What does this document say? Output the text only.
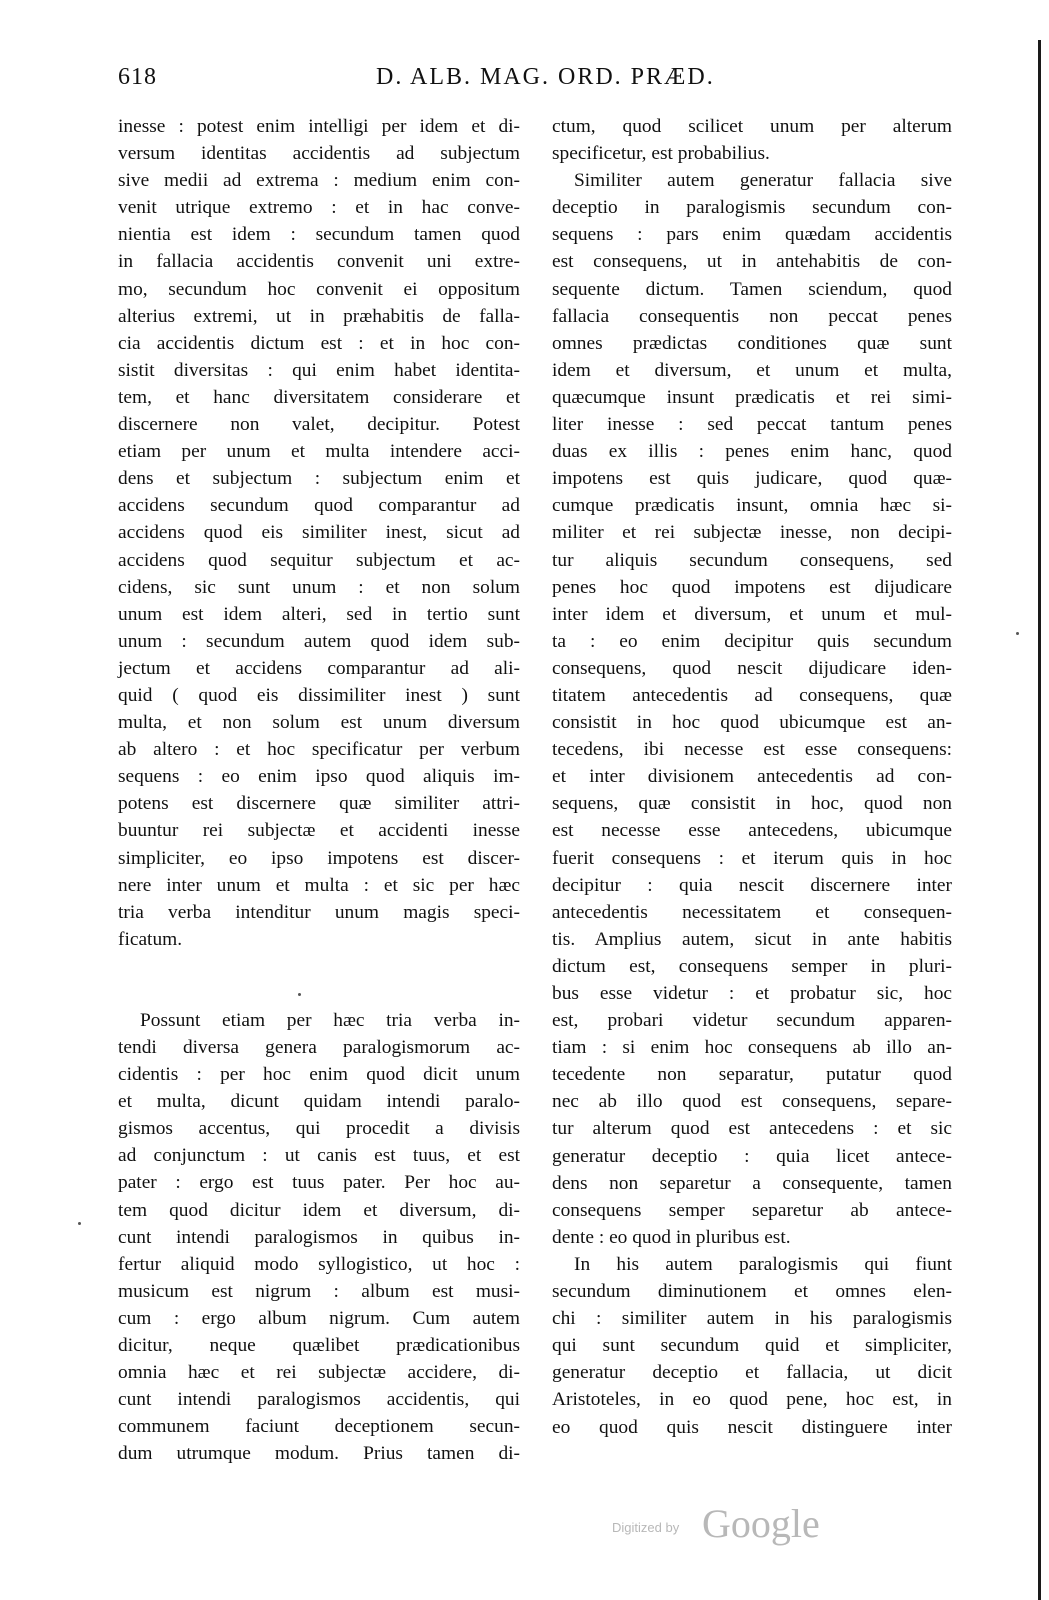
618	D. ALB. MAG. ORD. PRÆD.
inesse : potest enim intelligi per idem et di-
versum identitas accidentis ad subjectum
sive medii ad extrema : medium enim con-
venit utrique extremo : et in hac conve-
nientia est idem : secundum tamen quod
in fallacia accidentis convenit uni extre-
mo, secundum hoc convenit ei oppositum
alterius extremi, ut in præhabitis de falla-
cia accidentis dictum est : et in hoc con-
sistit diversitas : qui enim habet identita-
tem, et hanc diversitatem considerare et
discernere non valet, decipitur. Potest
etiam per unum et multa intendere acci-
dens et subjectum : subjectum enim et
accidens secundum quod comparantur ad
accidens quod eis similiter inest, sicut ad
accidens quod sequitur subjectum et ac-
cidens, sic sunt unum : et non solum
unum est idem alteri, sed in tertio sunt
unum : secundum autem quod idem sub-
jectum et accidens comparantur ad ali-
quid ( quod eis dissimiliter inest ) sunt
multa, et non solum est unum diversum
ab altero : et hoc specificatur per verbum
sequens : eo enim ipso quod aliquis im-
potens est discernere quæ similiter attri-
buuntur rei subjectæ et accidenti inesse
simpliciter, eo ipso impotens est discer-
nere inter unum et multa : et sic per hæc
tria verba intenditur unum magis speci-
ficatum.
Possunt etiam per hæc tria verba in-
tendi diversa genera paralogismorum ac-
cidentis : per hoc enim quod dicit unum
et multa, dicunt quidam intendi paralo-
gismos accentus, qui procedit a divisis
ad conjunctum : ut canis est tuus, et est
pater : ergo est tuus pater. Per hoc au-
tem quod dicitur idem et diversum, di-
cunt intendi paralogismos in quibus in-
fertur aliquid modo syllogistico, ut hoc :
musicum est nigrum : album est musi-
cum : ergo album nigrum. Cum autem
dicitur, neque quælibet prædicationibus
omnia hæc et rei subjectæ accidere, di-
cunt intendi paralogismos accidentis, qui
communem faciunt deceptionem secun-
dum utrumque modum. Prius tamen di-
ctum, quod scilicet unum per alterum
specificetur, est probabilius.
Similiter autem generatur fallacia sive
deceptio in paralogismis secundum con-
sequens : pars enim quædam accidentis
est consequens, ut in antehabitis de con-
sequente dictum. Tamen sciendum, quod
fallacia consequentis non peccat penes
omnes prædictas conditiones quæ sunt
idem et diversum, et unum et multa,
quæcumque insunt prædicatis et rei simi-
liter inesse : sed peccat tantum penes
duas ex illis : penes enim hanc, quod
impotens est quis judicare, quod quæ-
cumque prædicatis insunt, omnia hæc si-
militer et rei subjectæ inesse, non decipi-
tur aliquis secundum consequens, sed
penes hoc quod impotens est dijudicare
inter idem et diversum, et unum et mul-
ta : eo enim decipitur quis secundum
consequens, quod nescit dijudicare iden-
titatem antecedentis ad consequens, quæ
consistit in hoc quod ubicumque est an-
tecedens, ibi necesse est esse consequens:
et inter divisionem antecedentis ad con-
sequens, quæ consistit in hoc, quod non
est necesse esse antecedens, ubicumque
fuerit consequens : et iterum quis in hoc
decipitur : quia nescit discernere inter
antecedentis necessitatem et consequen-
tis. Amplius autem, sicut in ante habitis
dictum est, consequens semper in pluri-
bus esse videtur : et probatur sic, hoc
est, probari videtur secundum apparen-
tiam : si enim hoc consequens ab illo an-
tecedente non separatur, putatur quod
nec ab illo quod est consequens, separe-
tur alterum quod est antecedens : et sic
generatur deceptio : quia licet antece-
dens non separetur a consequente, tamen
consequens semper separetur ab antece-
dente : eo quod in pluribus est.
In his autem paralogismis qui fiunt
secundum diminutionem et omnes elen-
chi : similiter autem in his paralogismis
qui sunt secundum quid et simpliciter,
generatur deceptio et fallacia, ut dicit
Aristoteles, in eo quod pene, hoc est, in
eo quod quis nescit distinguere inter
Digitized by Google
